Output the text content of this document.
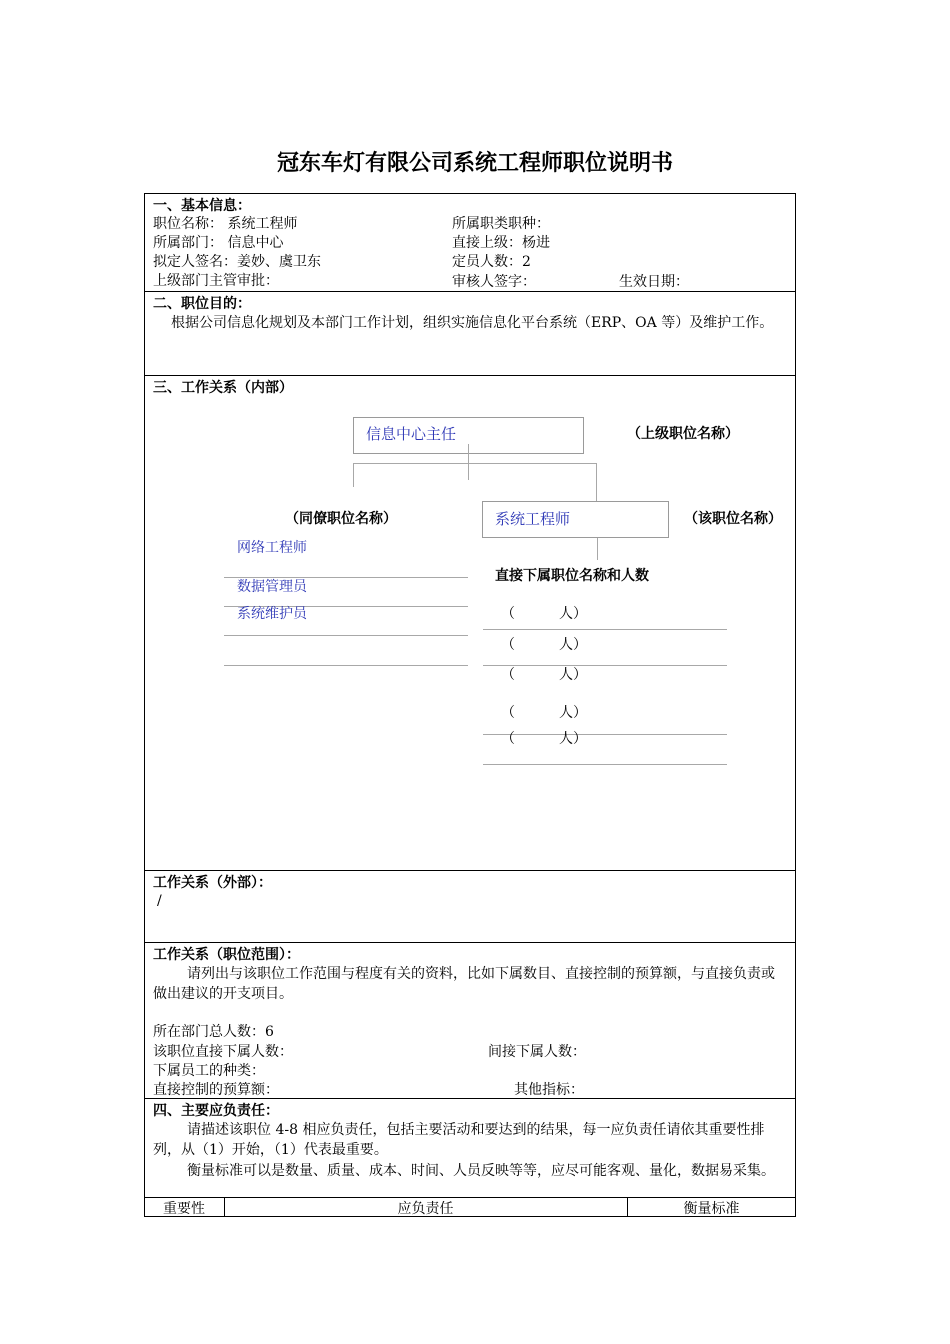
冠东车灯有限公司系统工程师职位说明书
一、基本信息：
职位名称： 系统工程师	所属职类职种：
所属部门： 信息中心	直接上级：杨进
拟定人签名：姜妙、虞卫东	定员人数：2
上级部门主管审批：	审核人签字：	生效日期：
二、职位目的：
根据公司信息化规划及本部门工作计划，组织实施信息化平台系统（ERP、OA 等）及维护工作。
三、工作关系（内部）
信息中心主任	（上级职位名称）
系统工程师	（该职位名称）
（同僚职位名称）
网络工程师
数据管理员
系统维护员
直接下属职位名称和人数
（	人）
（	人）
（	人）
（	人）
（	人）
工作关系（外部）：
/
工作关系（职位范围）：
请列出与该职位工作范围与程度有关的资料，比如下属数目、直接控制的预算额，与直接负责或做出建议的开支项目。
所在部门总人数：6
该职位直接下属人数：	间接下属人数：
下属员工的种类：
直接控制的预算额：	其他指标：
四、主要应负责任：
请描述该职位 4-8 相应负责任，包括主要活动和要达到的结果，每一应负责任请依其重要性排列，从（1）开始，（1）代表最重要。
衡量标准可以是数量、质量、成本、时间、人员反映等等，应尽可能客观、量化，数据易采集。
重要性	应负责任	衡量标准
